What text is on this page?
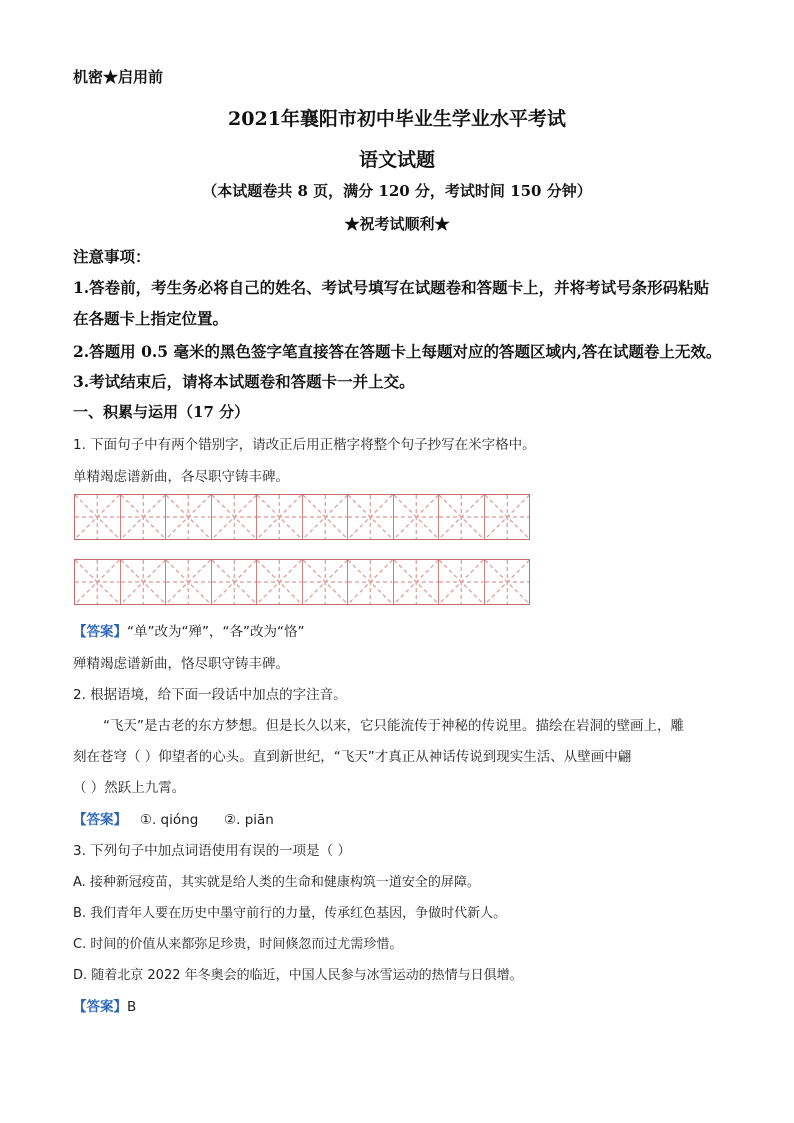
机密★启用前
2021年襄阳市初中毕业生学业水平考试
语文试题
（本试题卷共 8 页，满分 120 分，考试时间 150 分钟）
★祝考试顺利★
注意事项：
1.答卷前，考生务必将自己的姓名、考试号填写在试题卷和答题卡上，并将考试号条形码粘贴
在各题卡上指定位置。
2.答题用 0.5 毫米的黑色签字笔直接答在答题卡上每题对应的答题区域内,答在试题卷上无效。
3.考试结束后，请将本试题卷和答题卡一并上交。
一、积累与运用（17 分）
1. 下面句子中有两个错别字，请改正后用正楷字将整个句子抄写在米字格中。
单精竭虑谱新曲，各尽职守铸丰碑。
【答案】“单”改为“殚”，“各”改为“恪”
殚精竭虑谱新曲，恪尽职守铸丰碑。
2. 根据语境，给下面一段话中加点的字注音。
“飞天”是古老的东方梦想。但是长久以来，它只能流传于神秘的传说里。描绘在岩洞的壁画上，雕
刻在苍穹（ ）仰望者的心头。直到新世纪，“飞天”才真正从神话传说到现实生活、从壁画中翩
（ ）然跃上九霄。
【答案】   ①. qióng      ②. piān
3. 下列句子中加点词语使用有误的一项是（ ）
A. 接种新冠疫苗，其实就是给人类的生命和健康构筑一道安全的屏障。
B. 我们青年人要在历史中墨守前行的力量，传承红色基因，争做时代新人。
C. 时间的价值从来都弥足珍贵，时间倏忽而过尤需珍惜。
D. 随着北京 2022 年冬奥会的临近，中国人民参与冰雪运动的热情与日俱增。
【答案】B
